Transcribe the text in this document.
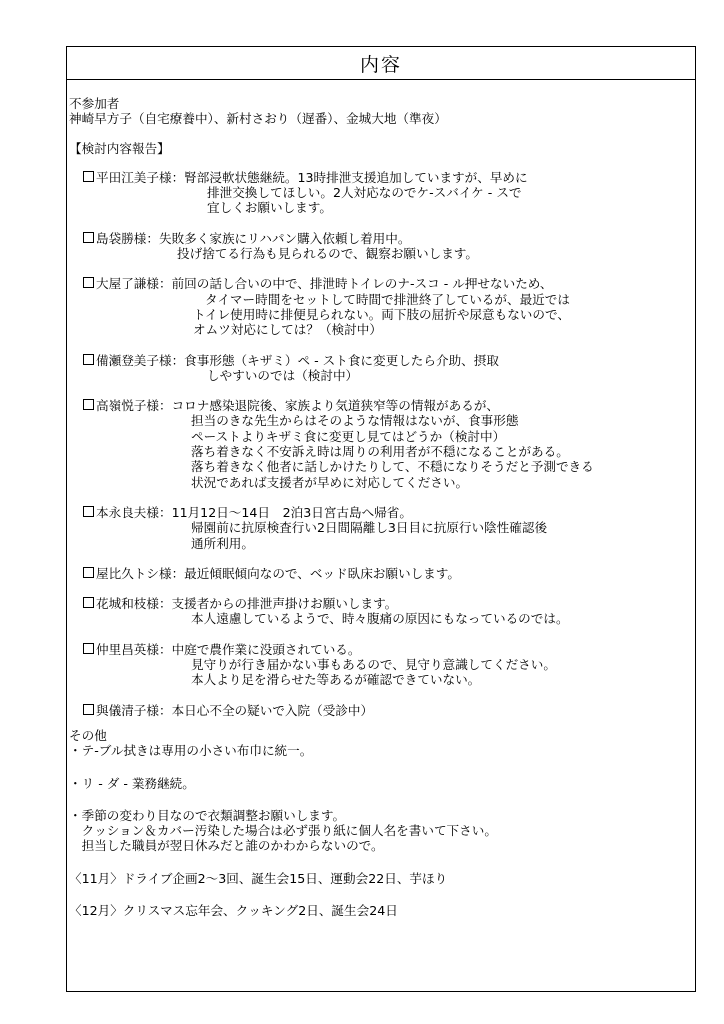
内容
不参加者
神崎早方子（自宅療養中）、新村さおり（遅番）、金城大地（準夜）
【検討内容報告】
平田江美子様：腎部浸軟状態継続。13時排泄支援追加していますが、早めに
排泄交換してほしい。2人対応なのでケ-スバイケ - スで
宜しくお願いします。
島袋勝様：失敗多く家族にリハパン購入依頼し着用中。
投げ捨てる行為も見られるので、観察お願いします。
大屋了謙様：前回の話し合いの中で、排泄時トイレのナ-スコ - ル押せないため、
タイマー時間をセットして時間で排泄終了しているが、最近では
トイレ使用時に排便見られない。両下肢の屈折や尿意もないので、
オムツ対応にしては？（検討中）
備瀬登美子様：食事形態（キザミ）ペ - スト食に変更したら介助、摂取
しやすいのでは（検討中）
高嶺悦子様：コロナ感染退院後、家族より気道狭窄等の情報があるが、
担当のきな先生からはそのような情報はないが、食事形態
ペーストよりキザミ食に変更し見てはどうか（検討中）
落ち着きなく不安訴え時は周りの利用者が不穏になることがある。
落ち着きなく他者に話しかけたりして、不穏になりそうだと予測できる
状況であれば支援者が早めに対応してください。
本永良夫様：11月12日～14日　2泊3日宮古島へ帰省。
帰園前に抗原検査行い2日間隔離し3日目に抗原行い陰性確認後
通所利用。
屋比久トシ様：最近傾眠傾向なので、ベッド臥床お願いします。
花城和枝様：支援者からの排泄声掛けお願いします。
本人遠慮しているようで、時々腹痛の原因にもなっているのでは。
仲里昌英様：中庭で農作業に没頭されている。
見守りが行き届かない事もあるので、見守り意識してください。
本人より足を滑らせた等あるが確認できていない。
與儀清子様：本日心不全の疑いで入院（受診中）
その他
・テ-ブル拭きは専用の小さい布巾に統一。
・リ - ダ - 業務継続。
・季節の変わり目なので衣類調整お願いします。
　クッション＆カバー汚染した場合は必ず張り紙に個人名を書いて下さい。
　担当した職員が翌日休みだと誰のかわからないので。
〈11月〉ドライブ企画2～3回、誕生会15日、運動会22日、芋ほり
〈12月〉クリスマス忘年会、クッキング2日、誕生会24日
